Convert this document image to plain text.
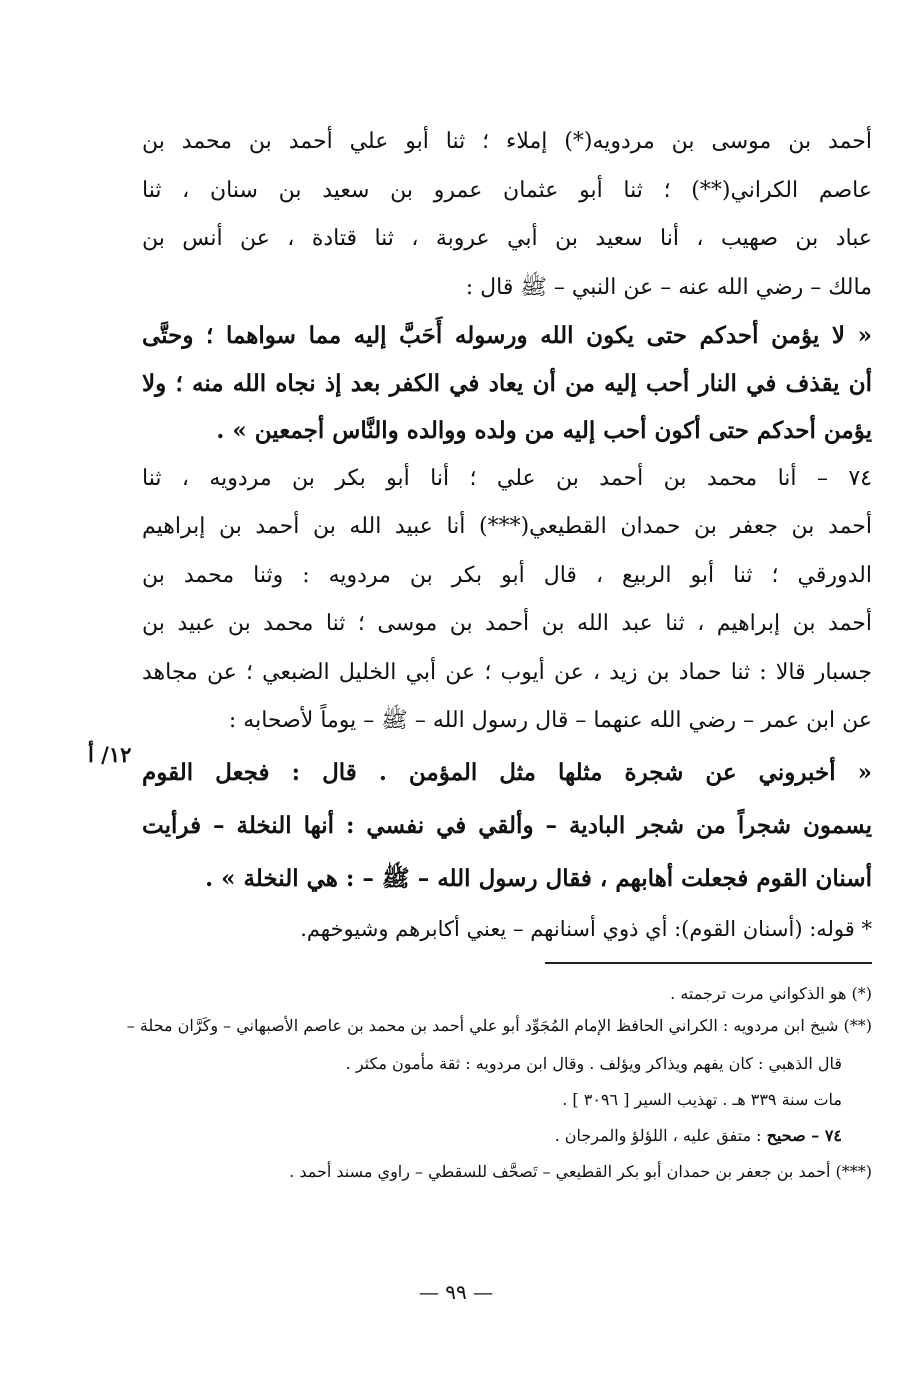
أحمد بن موسى بن مردويه(*) إملاء ؛ ثنا أبو علي أحمد بن محمد بن
عاصم الكراني(**) ؛ ثنا أبو عثمان عمرو بن سعيد بن سنان ، ثنا
عباد بن صهيب ، أنا سعيد بن أبي عروبة ، ثنا قتادة ، عن أنس بن
مالك – رضي الله عنه – عن النبي – ﷺ قال :
« لا يؤمن أحدكم حتى يكون الله ورسوله أَحَبَّ إليه مما سواهما ؛ وحتَّى
أن يقذف في النار أحب إليه من أن يعاد في الكفر بعد إذ نجاه الله منه ؛ ولا
يؤمن أحدكم حتى أكون أحب إليه من ولده ووالده والنَّاس أجمعين » .
٧٤ – أنا محمد بن أحمد بن علي ؛ أنا أبو بكر بن مردويه ، ثنا
أحمد بن جعفر بن حمدان القطيعي(***) أنا عبيد الله بن أحمد بن إبراهيم
الدورقي ؛ ثنا أبو الربيع ، قال أبو بكر بن مردويه : وثنا محمد بن
أحمد بن إبراهيم ، ثنا عبد الله بن أحمد بن موسى ؛ ثنا محمد بن عبيد بن
جسبار قالا : ثنا حماد بن زيد ، عن أيوب ؛ عن أبي الخليل الضبعي ؛ عن مجاهد
عن ابن عمر – رضي الله عنهما – قال رسول الله – ﷺ – يوماً لأصحابه :
« أخبروني عن شجرة مثلها مثل المؤمن . قال : فجعل القوم
يسمون شجراً من شجر البادية – وألقي في نفسي : أنها النخلة – فرأيت
أسنان القوم فجعلت أهابهم ، فقال رسول الله – ﷺ – : هي النخلة » .
* قوله: (أسنان القوم): أي ذوي أسنانهم – يعني أكابرهم وشيوخهم.
١٢/ أ
(*) هو الذكواني مرت ترجمته .
(**) شيخ ابن مردويه : الكراني الحافظ الإمام المُجَوِّد أبو علي أحمد بن محمد بن عاصم الأصبهاني – وكَرَّان محلة –
قال الذهبي : كان يفهم ويذاكر ويؤلف . وقال ابن مردويه : ثقة مأمون مكثر .
مات سنة ٣٣٩ هـ . تهذيب السير [ ٣٠٩٦ ] .
٧٤ – صحيح : متفق عليه ، اللؤلؤ والمرجان .
(***) أحمد بن جعفر بن حمدان أبو بكر القطيعي – تَصحَّف للسقطي – راوي مسند أحمد .
— ٩٩ —
